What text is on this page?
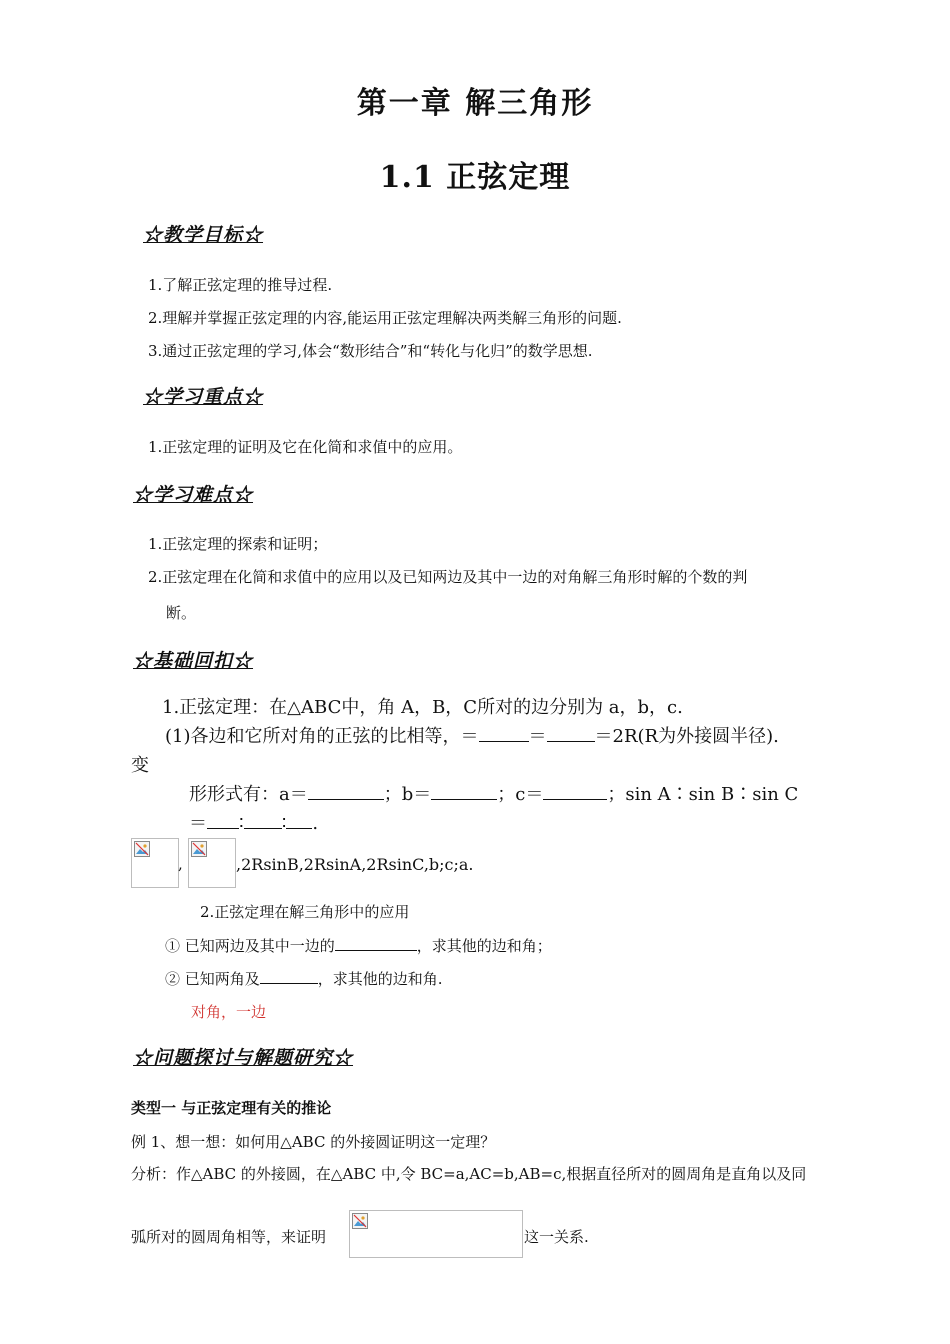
第一章 解三角形
1.1 正弦定理
☆教学目标☆
1.了解正弦定理的推导过程.
2.理解并掌握正弦定理的内容,能运用正弦定理解决两类解三角形的问题.
3.通过正弦定理的学习,体会“数形结合”和“转化与化归”的数学思想.
☆学习重点☆
1.正弦定理的证明及它在化简和求值中的应用。
☆学习难点☆
1.正弦定理的探索和证明；
2.正弦定理在化简和求值中的应用以及已知两边及其中一边的对角解三角形时解的个数的判
断。
☆基础回扣☆
1.正弦定理：在△ABC中，角 A，B，C所对的边分别为 a，b，c.
(1)各边和它所对角的正弦的比相等，＝	＝	＝2R(R为外接圆半径).
变
形形式有：a＝	；b＝	；c＝	；sin A∶sin B∶sin C
＝ ∶ ∶ .
,	,2RsinB,2RsinA,2RsinC,b;c;a.
2.正弦定理在解三角形中的应用
① 已知两边及其中一边的	，求其他的边和角；
② 已知两角及	，求其他的边和角.
对角，一边
☆问题探讨与解题研究☆
类型一 与正弦定理有关的推论
例 1、想一想：如何用△ABC 的外接圆证明这一定理？
分析：作△ABC 的外接圆，在△ABC 中,令 BC=a,AC=b,AB=c,根据直径所对的圆周角是直角以及同
弧所对的圆周角相等，来证明	这一关系.
